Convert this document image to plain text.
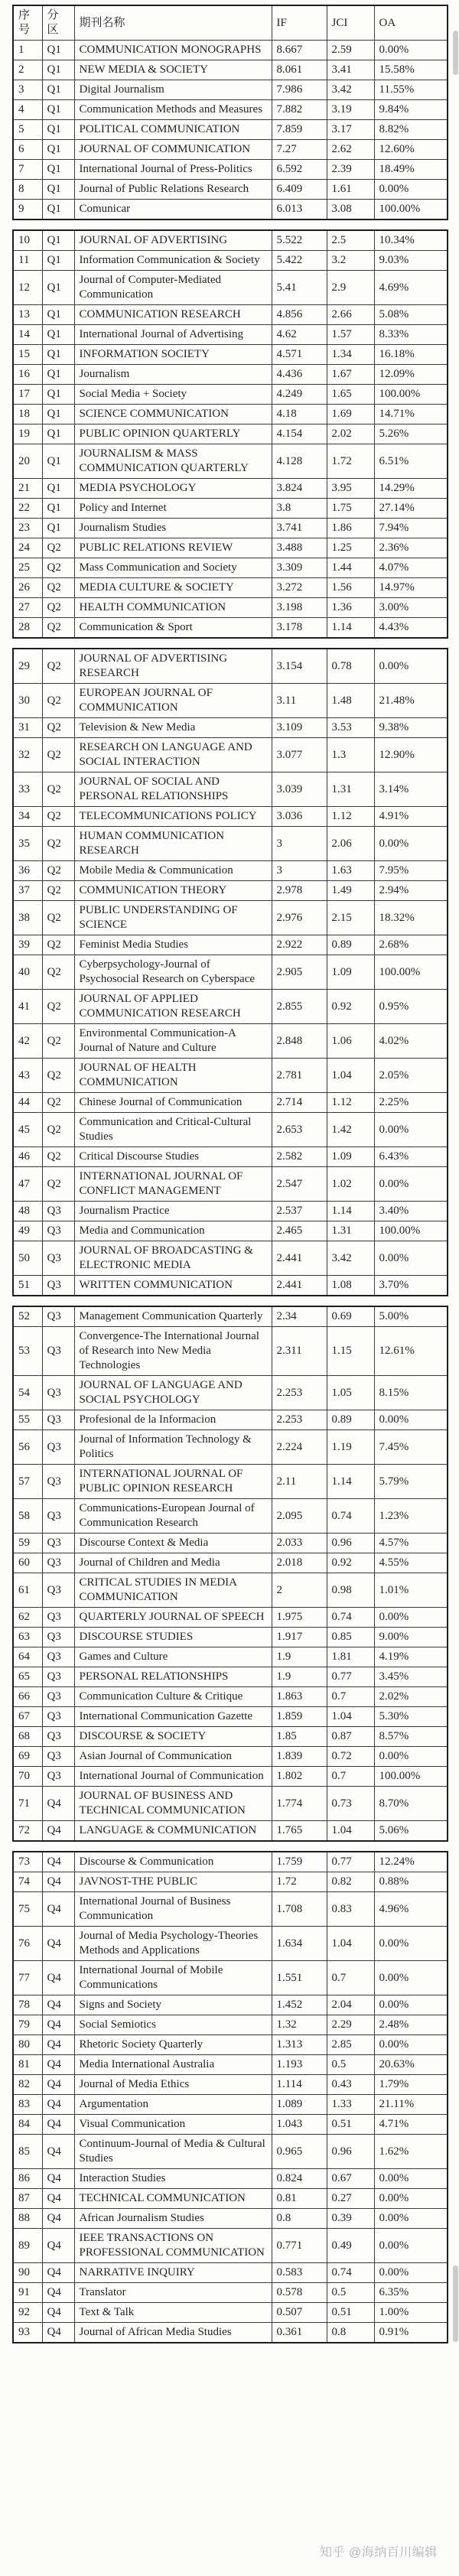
序号	分区	期刊名称	IF	JCI	OA
1	Q1	COMMUNICATION MONOGRAPHS	8.667	2.59	0.00%
2	Q1	NEW MEDIA & SOCIETY	8.061	3.41	15.58%
3	Q1	Digital Journalism	7.986	3.42	11.55%
4	Q1	Communication Methods and Measures	7.882	3.19	9.84%
5	Q1	POLITICAL COMMUNICATION	7.859	3.17	8.82%
6	Q1	JOURNAL OF COMMUNICATION	7.27	2.62	12.60%
7	Q1	International Journal of Press-Politics	6.592	2.39	18.49%
8	Q1	Journal of Public Relations Research	6.409	1.61	0.00%
9	Q1	Comunicar	6.013	3.08	100.00%
10	Q1	JOURNAL OF ADVERTISING	5.522	2.5	10.34%
11	Q1	Information Communication & Society	5.422	3.2	9.03%
12	Q1	Journal of Computer-Mediated Communication	5.41	2.9	4.69%
13	Q1	COMMUNICATION RESEARCH	4.856	2.66	5.08%
14	Q1	International Journal of Advertising	4.62	1.57	8.33%
15	Q1	INFORMATION SOCIETY	4.571	1.34	16.18%
16	Q1	Journalism	4.436	1.67	12.09%
17	Q1	Social Media + Society	4.249	1.65	100.00%
18	Q1	SCIENCE COMMUNICATION	4.18	1.69	14.71%
19	Q1	PUBLIC OPINION QUARTERLY	4.154	2.02	5.26%
20	Q1	JOURNALISM & MASS COMMUNICATION QUARTERLY	4.128	1.72	6.51%
21	Q1	MEDIA PSYCHOLOGY	3.824	3.95	14.29%
22	Q1	Policy and Internet	3.8	1.75	27.14%
23	Q1	Journalism Studies	3.741	1.86	7.94%
24	Q2	PUBLIC RELATIONS REVIEW	3.488	1.25	2.36%
25	Q2	Mass Communication and Society	3.309	1.44	4.07%
26	Q2	MEDIA CULTURE & SOCIETY	3.272	1.56	14.97%
27	Q2	HEALTH COMMUNICATION	3.198	1.36	3.00%
28	Q2	Communication & Sport	3.178	1.14	4.43%
29	Q2	JOURNAL OF ADVERTISING RESEARCH	3.154	0.78	0.00%
30	Q2	EUROPEAN JOURNAL OF COMMUNICATION	3.11	1.48	21.48%
31	Q2	Television & New Media	3.109	3.53	9.38%
32	Q2	RESEARCH ON LANGUAGE AND SOCIAL INTERACTION	3.077	1.3	12.90%
33	Q2	JOURNAL OF SOCIAL AND PERSONAL RELATIONSHIPS	3.039	1.31	3.14%
34	Q2	TELECOMMUNICATIONS POLICY	3.036	1.12	4.91%
35	Q2	HUMAN COMMUNICATION RESEARCH	3	2.06	0.00%
36	Q2	Mobile Media & Communication	3	1.63	7.95%
37	Q2	COMMUNICATION THEORY	2.978	1.49	2.94%
38	Q2	PUBLIC UNDERSTANDING OF SCIENCE	2.976	2.15	18.32%
39	Q2	Feminist Media Studies	2.922	0.89	2.68%
40	Q2	Cyberpsychology-Journal of Psychosocial Research on Cyberspace	2.905	1.09	100.00%
41	Q2	JOURNAL OF APPLIED COMMUNICATION RESEARCH	2.855	0.92	0.95%
42	Q2	Environmental Communication-A Journal of Nature and Culture	2.848	1.06	4.02%
43	Q2	JOURNAL OF HEALTH COMMUNICATION	2.781	1.04	2.05%
44	Q2	Chinese Journal of Communication	2.714	1.12	2.25%
45	Q2	Communication and Critical-Cultural Studies	2.653	1.42	0.00%
46	Q2	Critical Discourse Studies	2.582	1.09	6.43%
47	Q2	INTERNATIONAL JOURNAL OF CONFLICT MANAGEMENT	2.547	1.02	0.00%
48	Q3	Journalism Practice	2.537	1.14	3.40%
49	Q3	Media and Communication	2.465	1.31	100.00%
50	Q3	JOURNAL OF BROADCASTING & ELECTRONIC MEDIA	2.441	3.42	0.00%
51	Q3	WRITTEN COMMUNICATION	2.441	1.08	3.70%
52	Q3	Management Communication Quarterly	2.34	0.69	5.00%
53	Q3	Convergence-The International Journal of Research into New Media Technologies	2.311	1.15	12.61%
54	Q3	JOURNAL OF LANGUAGE AND SOCIAL PSYCHOLOGY	2.253	1.05	8.15%
55	Q3	Profesional de la Informacion	2.253	0.89	0.00%
56	Q3	Journal of Information Technology & Politics	2.224	1.19	7.45%
57	Q3	INTERNATIONAL JOURNAL OF PUBLIC OPINION RESEARCH	2.11	1.14	5.79%
58	Q3	Communications-European Journal of Communication Research	2.095	0.74	1.23%
59	Q3	Discourse Context & Media	2.033	0.96	4.57%
60	Q3	Journal of Children and Media	2.018	0.92	4.55%
61	Q3	CRITICAL STUDIES IN MEDIA COMMUNICATION	2	0.98	1.01%
62	Q3	QUARTERLY JOURNAL OF SPEECH	1.975	0.74	0.00%
63	Q3	DISCOURSE STUDIES	1.917	0.85	9.00%
64	Q3	Games and Culture	1.9	1.81	4.19%
65	Q3	PERSONAL RELATIONSHIPS	1.9	0.77	3.45%
66	Q3	Communication Culture & Critique	1.863	0.7	2.02%
67	Q3	International Communication Gazette	1.859	1.04	5.30%
68	Q3	DISCOURSE & SOCIETY	1.85	0.87	8.57%
69	Q3	Asian Journal of Communication	1.839	0.72	0.00%
70	Q3	International Journal of Communication	1.802	0.7	100.00%
71	Q4	JOURNAL OF BUSINESS AND TECHNICAL COMMUNICATION	1.774	0.73	8.70%
72	Q4	LANGUAGE & COMMUNICATION	1.765	1.04	5.06%
73	Q4	Discourse & Communication	1.759	0.77	12.24%
74	Q4	JAVNOST-THE PUBLIC	1.72	0.82	0.88%
75	Q4	International Journal of Business Communication	1.708	0.83	4.96%
76	Q4	Journal of Media Psychology-Theories Methods and Applications	1.634	1.04	0.00%
77	Q4	International Journal of Mobile Communications	1.551	0.7	0.00%
78	Q4	Signs and Society	1.452	2.04	0.00%
79	Q4	Social Semiotics	1.32	2.29	2.48%
80	Q4	Rhetoric Society Quarterly	1.313	2.85	0.00%
81	Q4	Media International Australia	1.193	0.5	20.63%
82	Q4	Journal of Media Ethics	1.114	0.43	1.79%
83	Q4	Argumentation	1.089	1.33	21.11%
84	Q4	Visual Communication	1.043	0.51	4.71%
85	Q4	Continuum-Journal of Media & Cultural Studies	0.965	0.96	1.62%
86	Q4	Interaction Studies	0.824	0.67	0.00%
87	Q4	TECHNICAL COMMUNICATION	0.81	0.27	0.00%
88	Q4	African Journalism Studies	0.8	0.39	0.00%
89	Q4	IEEE TRANSACTIONS ON PROFESSIONAL COMMUNICATION	0.771	0.49	0.00%
90	Q4	NARRATIVE INQUIRY	0.583	0.74	0.00%
91	Q4	Translator	0.578	0.5	6.35%
92	Q4	Text & Talk	0.507	0.51	1.00%
93	Q4	Journal of African Media Studies	0.361	0.8	0.91%
知乎 @海纳百川编辑
